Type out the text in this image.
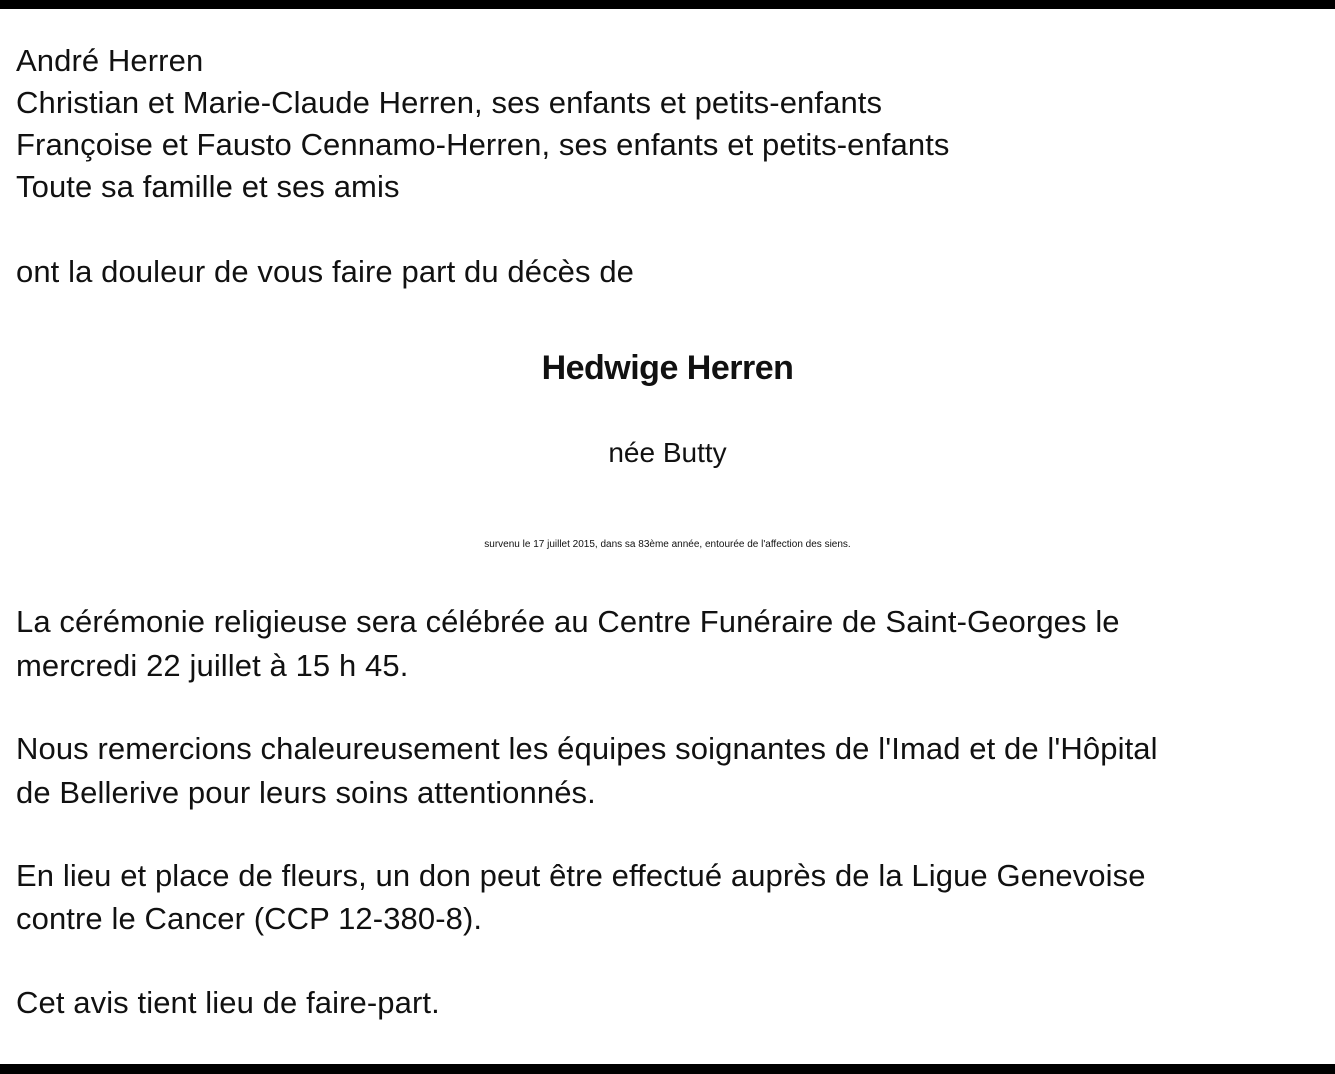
André Herren
Christian et Marie-Claude Herren, ses enfants et petits-enfants
Françoise et Fausto Cennamo-Herren, ses enfants et petits-enfants
Toute sa famille et ses amis
ont la douleur de vous faire part du décès de
Hedwige Herren
née Butty
survenu le 17 juillet 2015, dans sa 83ème année, entourée de l'affection des siens.
La cérémonie religieuse sera célébrée au Centre Funéraire de Saint-Georges le
mercredi 22 juillet à 15 h 45.
Nous remercions chaleureusement les équipes soignantes de l'Imad et de l'Hôpital
de Bellerive pour leurs soins attentionnés.
En lieu et place de fleurs, un don peut être effectué auprès de la Ligue Genevoise
contre le Cancer (CCP 12-380-8).
Cet avis tient lieu de faire-part.
